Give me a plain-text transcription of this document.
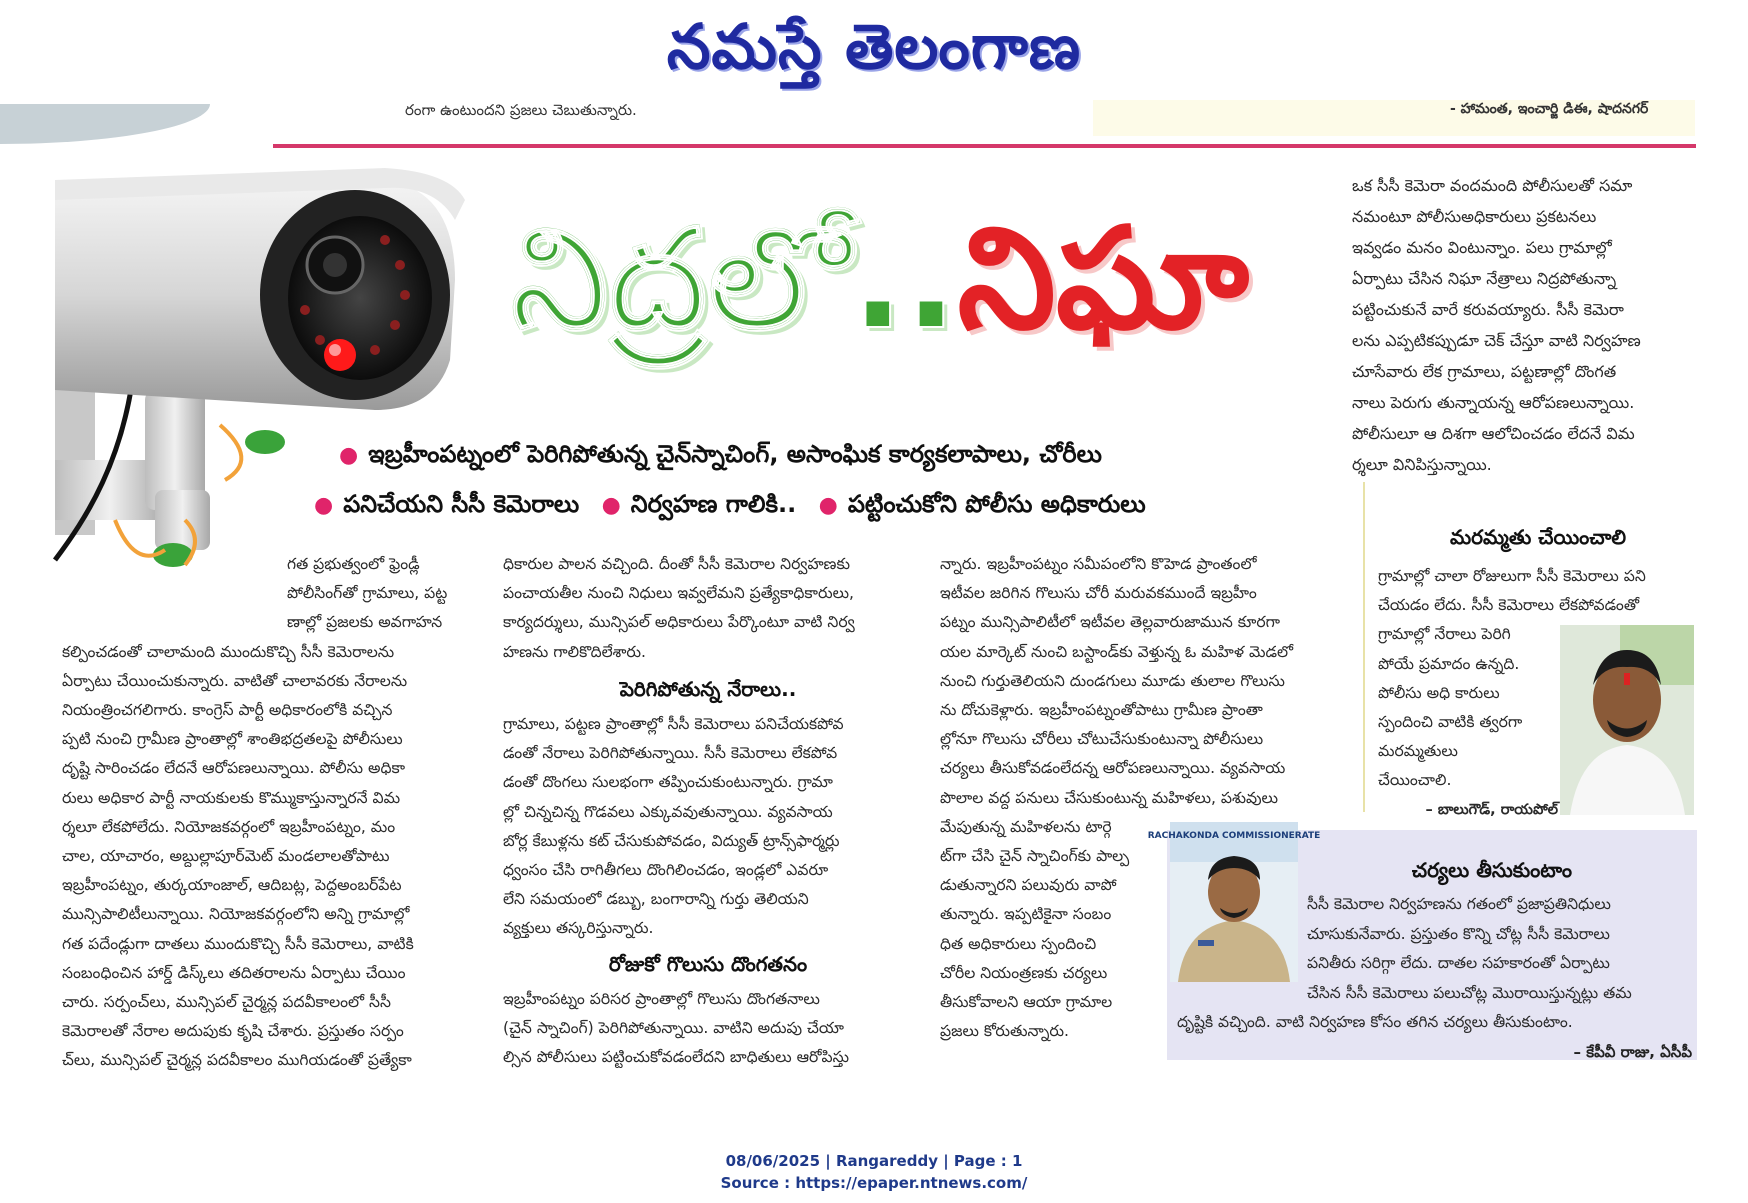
నమస్తే తెలంగాణ
రంగా ఉంటుందని ప్రజలు చెబుతున్నారు.	- హామంత, ఇంచార్జి డిఈ, షాదనగర్
నిద్రలో..నిఘా
● ఇబ్రహీంపట్నంలో పెరిగిపోతున్న చైన్‌స్నాచింగ్, అసాంఘిక కార్యకలాపాలు, చోరీలు
● పనిచేయని సీసీ కెమెరాలు ● నిర్వహణ గాలికి.. ● పట్టించుకోని పోలీసు అధికారులు
ఒక సీసీ కెమెరా వందమంది పోలీసులతో సమా
నమంటూ పోలీసుఅధికారులు ప్రకటనలు
ఇవ్వడం మనం వింటున్నాం. పలు గ్రామాల్లో
ఏర్పాటు చేసిన నిఘా నేత్రాలు నిద్రపోతున్నా
పట్టించుకునే వారే కరువయ్యారు. సీసీ కెమెరా
లను ఎప్పటికప్పుడూ చెక్ చేస్తూ వాటి నిర్వహణ
చూసేవారు లేక గ్రామాలు, పట్టణాల్లో దొంగత
నాలు పెరుగు తున్నాయన్న ఆరోపణలున్నాయి.
పోలీసులూ ఆ దిశగా ఆలోచించడం లేదనే విమ
ర్శలూ వినిపిస్తున్నాయి.
గత ప్రభుత్వంలో ఫ్రెండ్లీ
పోలీసింగ్‌తో గ్రామాలు, పట్ట
ణాల్లో ప్రజలకు అవగాహన
కల్పించడంతో చాలామంది ముందుకొచ్చి సీసీ కెమెరాలను
ఏర్పాటు చేయించుకున్నారు. వాటితో చాలావరకు నేరాలను
నియంత్రించగలిగారు. కాంగ్రెస్ పార్టీ అధికారంలోకి వచ్చిన
ప్పటి నుంచి గ్రామీణ ప్రాంతాల్లో శాంతిభద్రతలపై పోలీసులు
దృష్టి సారించడం లేదనే ఆరోపణలున్నాయి. పోలీసు అధికా
రులు అధికార పార్టీ నాయకులకు కొమ్ముకాస్తున్నారనే విమ
ర్శలూ లేకపోలేదు. నియోజకవర్గంలో ఇబ్రహీంపట్నం, మం
చాల, యాచారం, అబ్దుల్లాపూర్‌మెట్ మండలాలతోపాటు
ఇబ్రహీంపట్నం, తుర్కయాంజాల్, ఆదిబట్ల, పెద్దఅంబర్‌పేట
మున్సిపాలిటీలున్నాయి. నియోజకవర్గంలోని అన్ని గ్రామాల్లో
గత పదేండ్లుగా దాతలు ముందుకొచ్చి సీసీ కెమెరాలు, వాటికి
సంబంధించిన హార్డ్ డిస్క్‌లు తదితరాలను ఏర్పాటు చేయిం
చారు. సర్పంచ్‌లు, మున్సిపల్ చైర్మన్ల పదవీకాలంలో సీసీ
కెమెరాలతో నేరాల అదుపుకు కృషి చేశారు. ప్రస్తుతం సర్పం
చ్‌లు, మున్సిపల్ చైర్మన్ల పదవీకాలం ముగియడంతో ప్రత్యేకా
ధికారుల పాలన వచ్చింది. దీంతో సీసీ కెమెరాల నిర్వహణకు
పంచాయతీల నుంచి నిధులు ఇవ్వలేమని ప్రత్యేకాధికారులు,
కార్యదర్శులు, మున్సిపల్ అధికారులు పేర్కొంటూ వాటి నిర్వ
హణను గాలికొదిలేశారు.
పెరిగిపోతున్న నేరాలు..
గ్రామాలు, పట్టణ ప్రాంతాల్లో సీసీ కెమెరాలు పనిచేయకపోవ
డంతో నేరాలు పెరిగిపోతున్నాయి. సీసీ కెమెరాలు లేకపోవ
డంతో దొంగలు సులభంగా తప్పించుకుంటున్నారు. గ్రామా
ల్లో చిన్నచిన్న గొడవలు ఎక్కువవుతున్నాయి. వ్యవసాయ
బోర్ల కేబుళ్లను కట్ చేసుకుపోవడం, విద్యుత్ ట్రాన్స్‌ఫార్మర్లు
ధ్వంసం చేసి రాగితీగలు దొంగిలించడం, ఇండ్లలో ఎవరూ
లేని సమయంలో డబ్బు, బంగారాన్ని గుర్తు తెలియని
వ్యక్తులు తస్కరిస్తున్నారు.
రోజుకో గొలుసు దొంగతనం
ఇబ్రహీంపట్నం పరిసర ప్రాంతాల్లో గొలుసు దొంగతనాలు
(చైన్ స్నాచింగ్) పెరిగిపోతున్నాయి. వాటిని అదుపు చేయా
ల్సిన పోలీసులు పట్టించుకోవడంలేదని బాధితులు ఆరోపిస్తు
న్నారు. ఇబ్రహీంపట్నం సమీపంలోని కొహెడ ప్రాంతంలో
ఇటీవల జరిగిన గొలుసు చోరీ మరువకముందే ఇబ్రహీం
పట్నం మున్సిపాలిటీలో ఇటీవల తెల్లవారుజామున కూరగా
యల మార్కెట్ నుంచి బస్టాండ్‌కు వెళ్తున్న ఓ మహిళ మెడలో
నుంచి గుర్తుతెలియని దుండగులు మూడు తులాల గొలుసు
ను దోచుకెళ్లారు. ఇబ్రహీంపట్నంతోపాటు గ్రామీణ ప్రాంతా
ల్లోనూ గొలుసు చోరీలు చోటుచేసుకుంటున్నా పోలీసులు
చర్యలు తీసుకోవడంలేదన్న ఆరోపణలున్నాయి. వ్యవసాయ
పొలాల వద్ద పనులు చేసుకుంటున్న మహిళలు, పశువులు
మేపుతున్న మహిళలను టార్గె
ట్‌గా చేసి చైన్ స్నాచింగ్‌కు పాల్ప
డుతున్నారని పలువురు వాపో
తున్నారు. ఇప్పటికైనా సంబం
ధిత అధికారులు స్పందించి
చోరీల నియంత్రణకు చర్యలు
తీసుకోవాలని ఆయా గ్రామాల
ప్రజలు కోరుతున్నారు.
మరమ్మతు చేయించాలి
గ్రామాల్లో చాలా రోజులుగా సీసీ కెమెరాలు పని
చేయడం లేదు. సీసీ కెమెరాలు లేకపోవడంతో
గ్రామాల్లో నేరాలు పెరిగి
పోయే ప్రమాదం ఉన్నది.
పోలీసు అధి కారులు
స్పందించి వాటికి త్వరగా
మరమ్మతులు
చేయించాలి.
– బాలుగౌడ్, రాయపోల్
చర్యలు తీసుకుంటాం
సీసీ కెమెరాల నిర్వహణను గతంలో ప్రజాప్రతినిధులు
చూసుకునేవారు. ప్రస్తుతం కొన్ని చోట్ల సీసీ కెమెరాలు
పనితీరు సరిగ్గా లేదు. దాతల సహకారంతో ఏర్పాటు
చేసిన సీసీ కెమెరాలు పలుచోట్ల మొరాయిస్తున్నట్లు తమ
దృష్టికి వచ్చింది. వాటి నిర్వహణ కోసం తగిన చర్యలు తీసుకుంటాం.
– కేపీవీ రాజు, ఏసీపీ
RACHAKONDA COMMISSIONERATE
08/06/2025 | Rangareddy | Page : 1
Source : https://epaper.ntnews.com/
